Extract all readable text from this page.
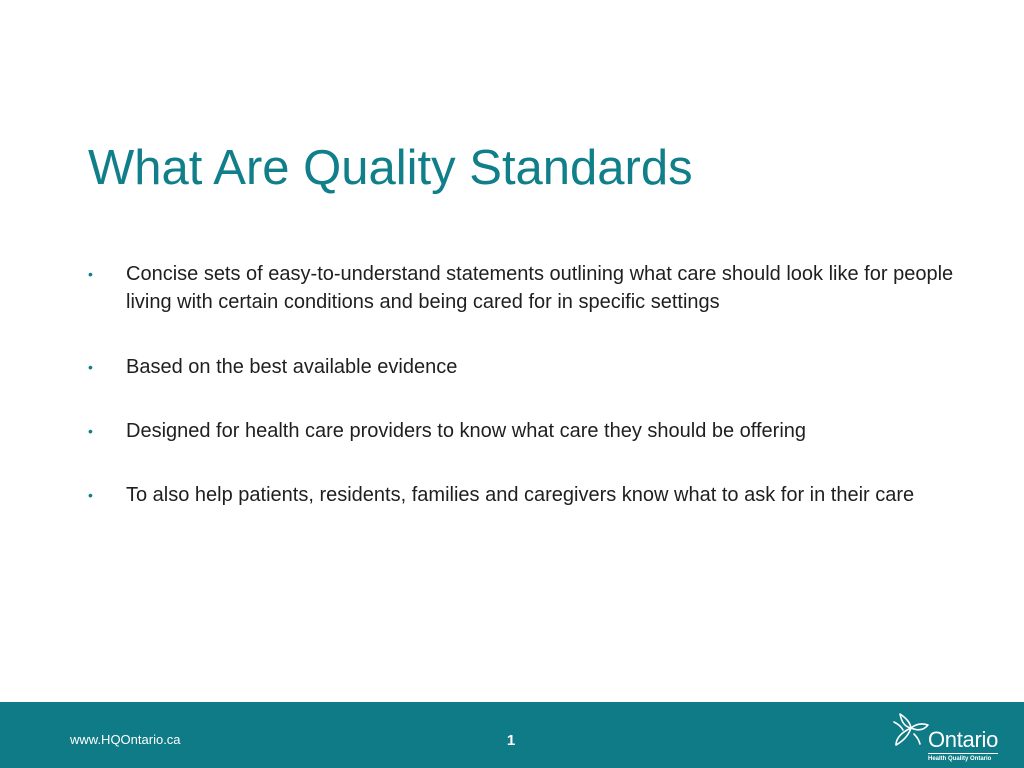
What Are Quality Standards
• Concise sets of easy-to-understand statements outlining what care should look like for people living with certain conditions and being cared for in specific settings
• Based on the best available evidence
• Designed for health care providers to know what care they should be offering
• To also help patients, residents, families and caregivers know what to ask for in their care
www.HQOntario.ca	1	Ontario
Health Quality Ontario
